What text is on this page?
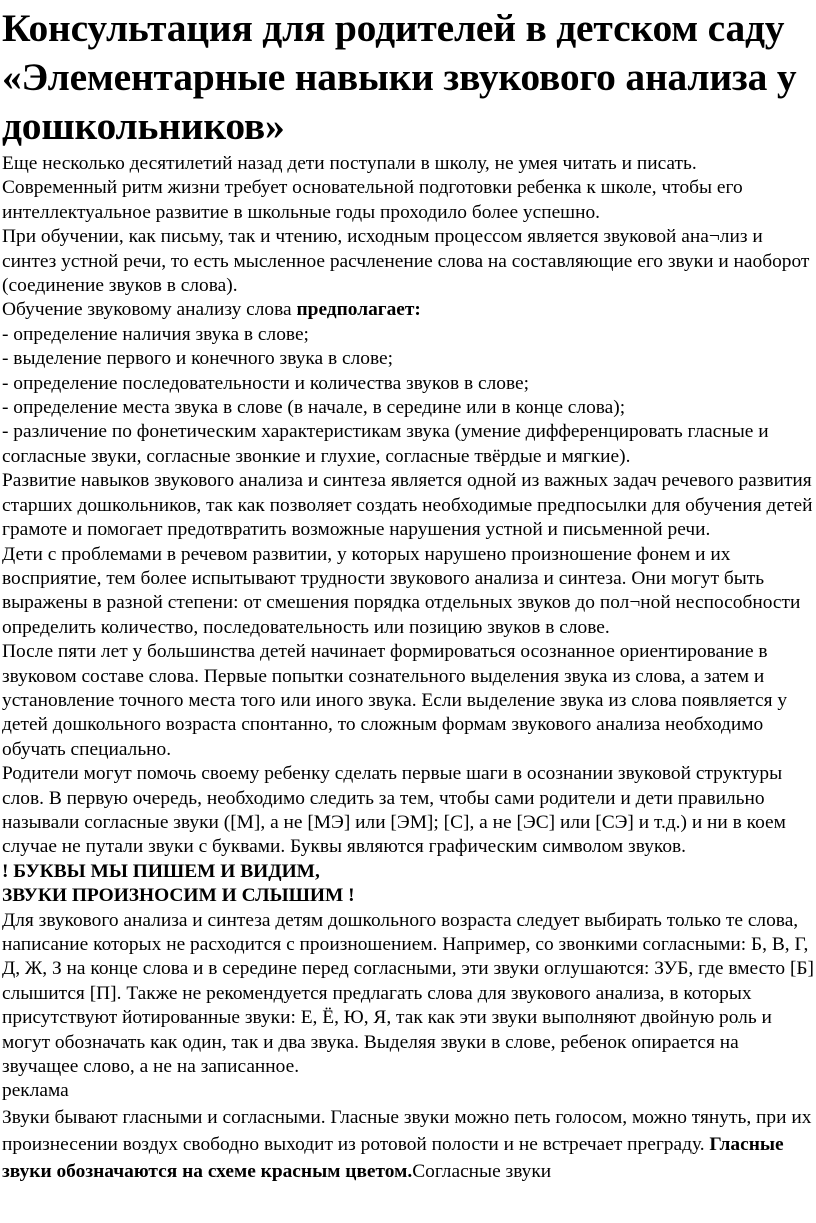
Консультация для родителей в детском саду «Элементарные навыки звукового анализа у дошкольников»

Еще несколько десятилетий назад дети поступали в школу, не умея читать и писать. Современный ритм жизни требует основательной подготовки ребенка к школе, чтобы его интеллектуальное развитие в школьные годы проходило более успешно.

При обучении, как письму, так и чтению, исходным процессом является звуковой ана¬лиз и синтез устной речи, то есть мысленное расчленение слова на составляющие его звуки и наоборот (соединение звуков в слова).

Обучение звуковому анализу слова предполагает:

- определение наличия звука в слове;

- выделение первого и конечного звука в слове;

- определение последовательности и количества звуков в слове;

- определение места звука в слове (в начале, в середине или в конце слова);

- различение по фонетическим характеристикам звука (умение дифференцировать гласные и согласные звуки, согласные звонкие и глухие, согласные твёрдые и мягкие).

Развитие навыков звукового анализа и синтеза является одной из важных задач речевого развития старших дошкольников, так как позволяет создать необходимые предпосылки для обучения детей грамоте и помогает предотвратить возможные нарушения устной и письменной речи.

Дети с проблемами в речевом развитии, у которых нарушено произношение фонем и их восприятие, тем более испытывают трудности звукового анализа и синтеза. Они могут быть выражены в разной степени: от смешения порядка отдельных звуков до пол¬ной неспособности определить количество, последовательность или позицию звуков в слове.

После пяти лет у большинства детей начинает формироваться осознанное ориентирование в звуковом составе слова. Первые попытки сознательного выделения звука из слова, а затем и установление точного места того или иного звука. Если выделение звука из слова появляется у детей дошкольного возраста спонтанно, то сложным формам звукового анализа необходимо обучать специально.

Родители могут помочь своему ребенку сделать первые шаги в осознании звуковой структуры слов. В первую очередь, необходимо следить за тем, чтобы сами родители и дети правильно называли согласные звуки ([М], а не [МЭ] или [ЭМ]; [С], а не [ЭС] или [СЭ] и т.д.) и ни в коем случае не путали звуки с буквами. Буквы являются графическим символом звуков.

! БУКВЫ МЫ ПИШЕМ И ВИДИМ,

ЗВУКИ ПРОИЗНОСИМ И СЛЫШИМ !

Для звукового анализа и синтеза детям дошкольного возраста следует выбирать только те слова, написание которых не расходится с произношением. Например, со звонкими согласными: Б, В, Г, Д, Ж, З на конце слова и в середине перед согласными, эти звуки оглушаются: ЗУБ, где вместо [Б] слышится [П]. Также не рекомендуется предлагать слова для звукового анализа, в которых присутствуют йотированные звуки: Е, Ё, Ю, Я, так как эти звуки выполняют двойную роль и могут обозначать как один, так и два звука. Выделяя звуки в слове, ребенок опирается на звучащее слово, а не на записанное.

реклама

Звуки бывают гласными и согласными. Гласные звуки можно петь голосом, можно тянуть, при их произнесении воздух свободно выходит из ротовой полости и не встречает преграду. Гласные звуки обозначаются на схеме красным цветом.Согласные звуки
